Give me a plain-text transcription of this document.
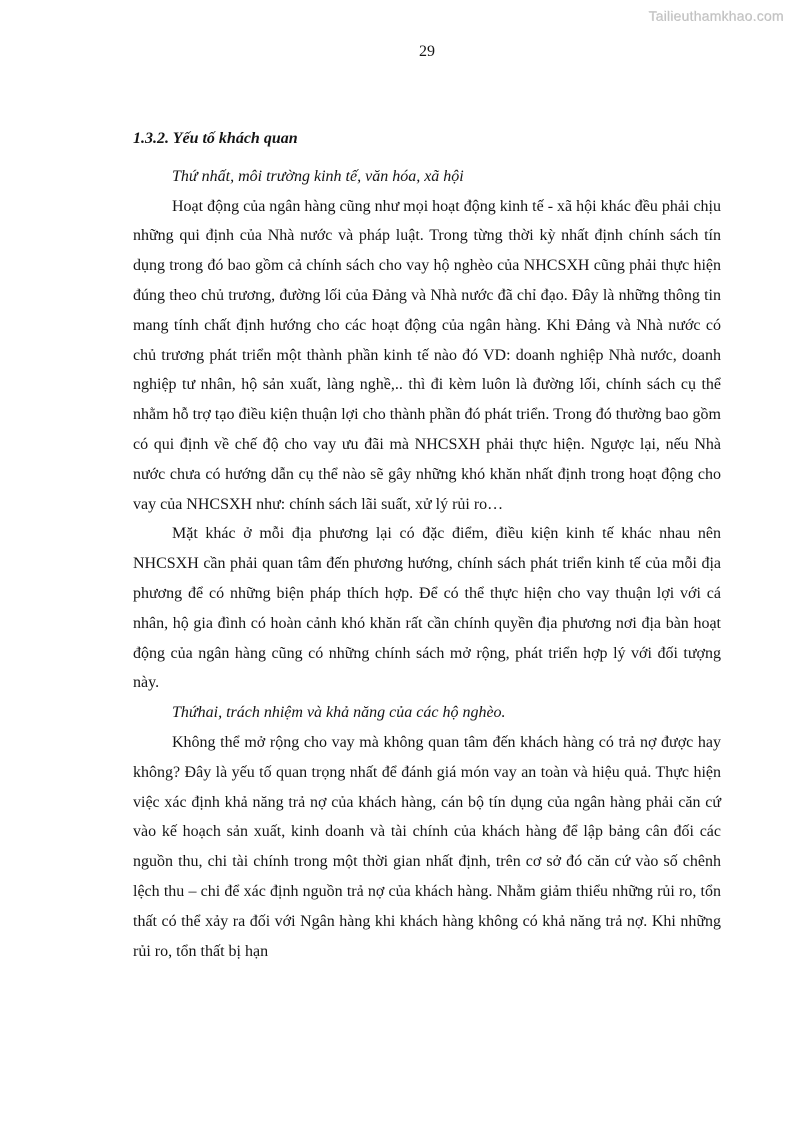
Tailieuthamkhao.com
29

1.3.2. Yếu tố khách quan

Thứ nhất, môi trường kinh tế, văn hóa, xã hội

Hoạt động của ngân hàng cũng như mọi hoạt động kinh tế - xã hội khác đều phải chịu những qui định của Nhà nước và pháp luật. Trong từng thời kỳ nhất định chính sách tín dụng trong đó bao gồm cả chính sách cho vay hộ nghèo của NHCSXH cũng phải thực hiện đúng theo chủ trương, đường lối của Đảng và Nhà nước đã chỉ đạo. Đây là những thông tin mang tính chất định hướng cho các hoạt động của ngân hàng. Khi Đảng và Nhà nước có chủ trương phát triển một thành phần kinh tế nào đó VD: doanh nghiệp Nhà nước, doanh nghiệp tư nhân, hộ sản xuất, làng nghề,.. thì đi kèm luôn là đường lối, chính sách cụ thể nhằm hỗ trợ tạo điều kiện thuận lợi cho thành phần đó phát triển. Trong đó thường bao gồm có qui định về chế độ cho vay ưu đãi mà NHCSXH phải thực hiện. Ngược lại, nếu Nhà nước chưa có hướng dẫn cụ thể nào sẽ gây những khó khăn nhất định trong hoạt động cho vay của NHCSXH như: chính sách lãi suất, xử lý rủi ro…

Mặt khác ở mỗi địa phương lại có đặc điểm, điều kiện kinh tế khác nhau nên NHCSXH cần phải quan tâm đến phương hướng, chính sách phát triển kinh tế của mỗi địa phương để có những biện pháp thích hợp. Để có thể thực hiện cho vay thuận lợi với cá nhân, hộ gia đình có hoàn cảnh khó khăn rất cần chính quyền địa phương nơi địa bàn hoạt động của ngân hàng cũng có những chính sách mở rộng, phát triển hợp lý với đối tượng này.

Thứhai, trách nhiệm và khả năng của các hộ nghèo.

Không thể mở rộng cho vay mà không quan tâm đến khách hàng có trả nợ được hay không? Đây là yếu tố quan trọng nhất để đánh giá món vay an toàn và hiệu quả. Thực hiện việc xác định khả năng trả nợ của khách hàng, cán bộ tín dụng của ngân hàng phải căn cứ vào kế hoạch sản xuất, kinh doanh và tài chính của khách hàng để lập bảng cân đối các nguồn thu, chi tài chính trong một thời gian nhất định, trên cơ sở đó căn cứ vào số chênh lệch thu – chi để xác định nguồn trả nợ của khách hàng. Nhằm giảm thiểu những rủi ro, tổn thất có thể xảy ra đối với Ngân hàng khi khách hàng không có khả năng trả nợ. Khi những rủi ro, tổn thất bị hạn
